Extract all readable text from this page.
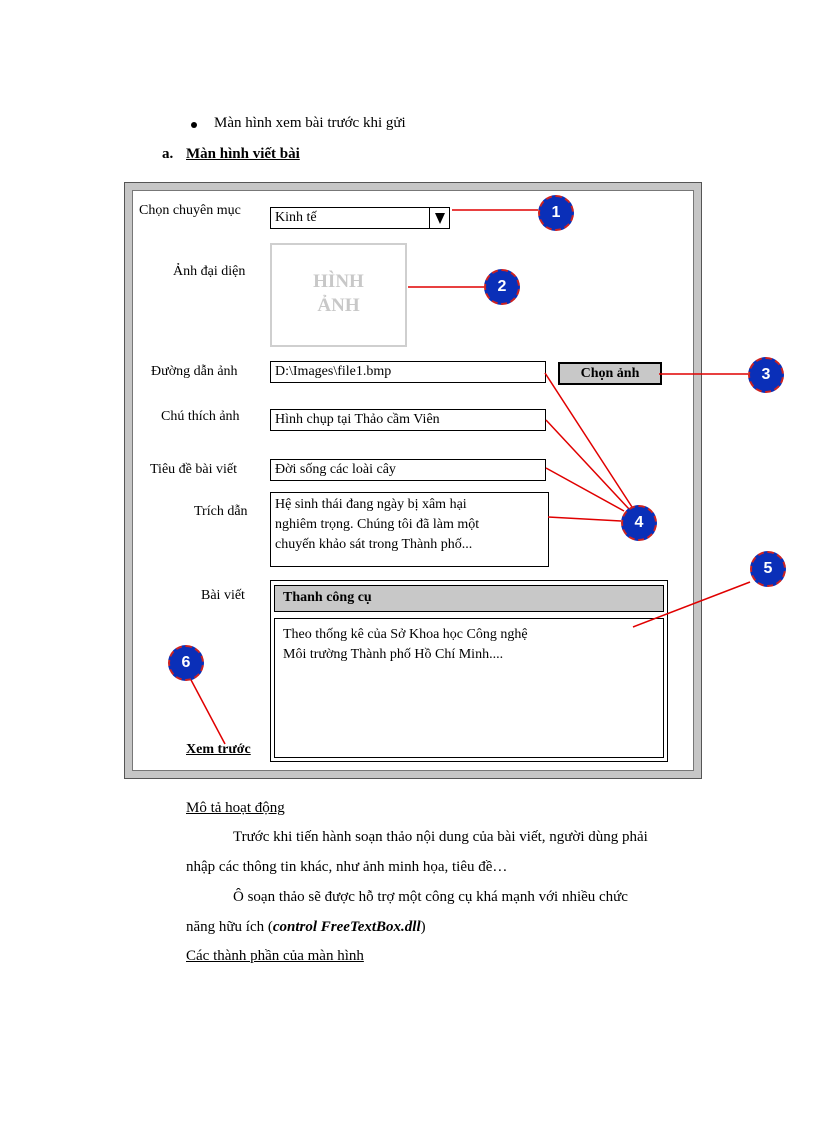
Màn hình xem bài trước khi gửi
a. Màn hình viết bài
Chọn chuyên mục	Kinh tế
Ảnh đại diện	HÌNH
ẢNH
Đường dẫn ảnh	D:\Images\file1.bmp	Chọn ảnh
Chú thích ảnh	Hình chụp tại Thảo cầm Viên
Tiêu đề bài viết	Đời sống các loài cây
Trích dẫn Hệ sinh thái đang ngày bị xâm hại
nghiêm trọng. Chúng tôi đã làm một
chuyến khảo sát trong Thành phố...
Bài viết	Thanh công cụ
Theo thống kê của Sở Khoa học Công nghệ
Môi trường Thành phố Hồ Chí Minh....
Xem trước
1
2
3
4
5
6
Mô tả hoạt động
Trước khi tiến hành soạn thảo nội dung của bài viết, người dùng phải
nhập các thông tin khác, như ảnh minh họa, tiêu đề…
Ô soạn thảo sẽ được hỗ trợ một công cụ khá mạnh với nhiều chức
năng hữu ích (control FreeTextBox.dll)
Các thành phần của màn hình
